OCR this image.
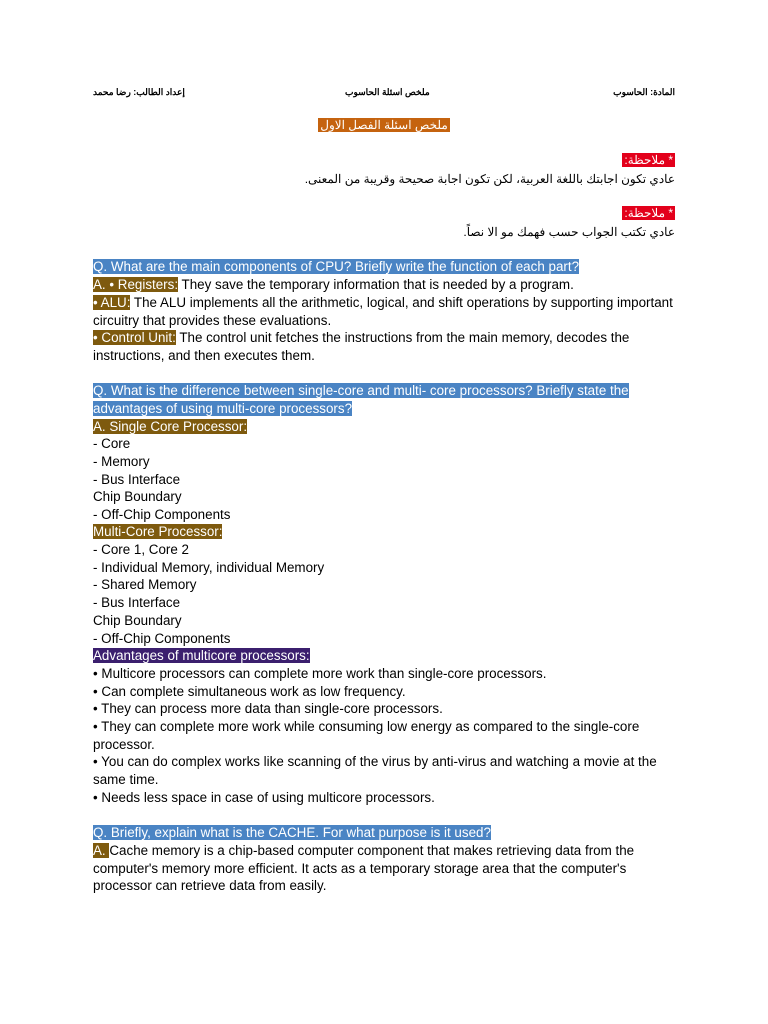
المادة: الحاسوب
ملخص اسئلة الحاسوب
إعداد الطالب: رضا محمد
ملخص اسئلة الفصل الاول
* ملاحظة:
عادي تكون اجابتك باللغة العربية، لكن تكون اجابة صحيحة وقريبة من المعنى.
* ملاحظة:
عادي تكتب الجواب حسب فهمك مو الا نصاً.
Q. What are the main components of CPU? Briefly write the function of each part?
A. • Registers: They save the temporary information that is needed by a program.
• ALU: The ALU implements all the arithmetic, logical, and shift operations by supporting important circuitry that provides these evaluations.
• Control Unit: The control unit fetches the instructions from the main memory, decodes the instructions, and then executes them.
Q. What is the difference between single-core and multi- core processors? Briefly state the advantages of using multi-core processors?
A. Single Core Processor:
- Core
- Memory
- Bus Interface
Chip Boundary
- Off-Chip Components
Multi-Core Processor:
- Core 1, Core 2
- Individual Memory, individual Memory
- Shared Memory
- Bus Interface
Chip Boundary
- Off-Chip Components
Advantages of multicore processors:
• Multicore processors can complete more work than single-core processors.
• Can complete simultaneous work as low frequency.
• They can process more data than single-core processors.
• They can complete more work while consuming low energy as compared to the single-core processor.
• You can do complex works like scanning of the virus by anti-virus and watching a movie at the same time.
• Needs less space in case of using multicore processors.
Q. Briefly, explain what is the CACHE. For what purpose is it used?
A. Cache memory is a chip-based computer component that makes retrieving data from the computer's memory more efficient. It acts as a temporary storage area that the computer's processor can retrieve data from easily.
